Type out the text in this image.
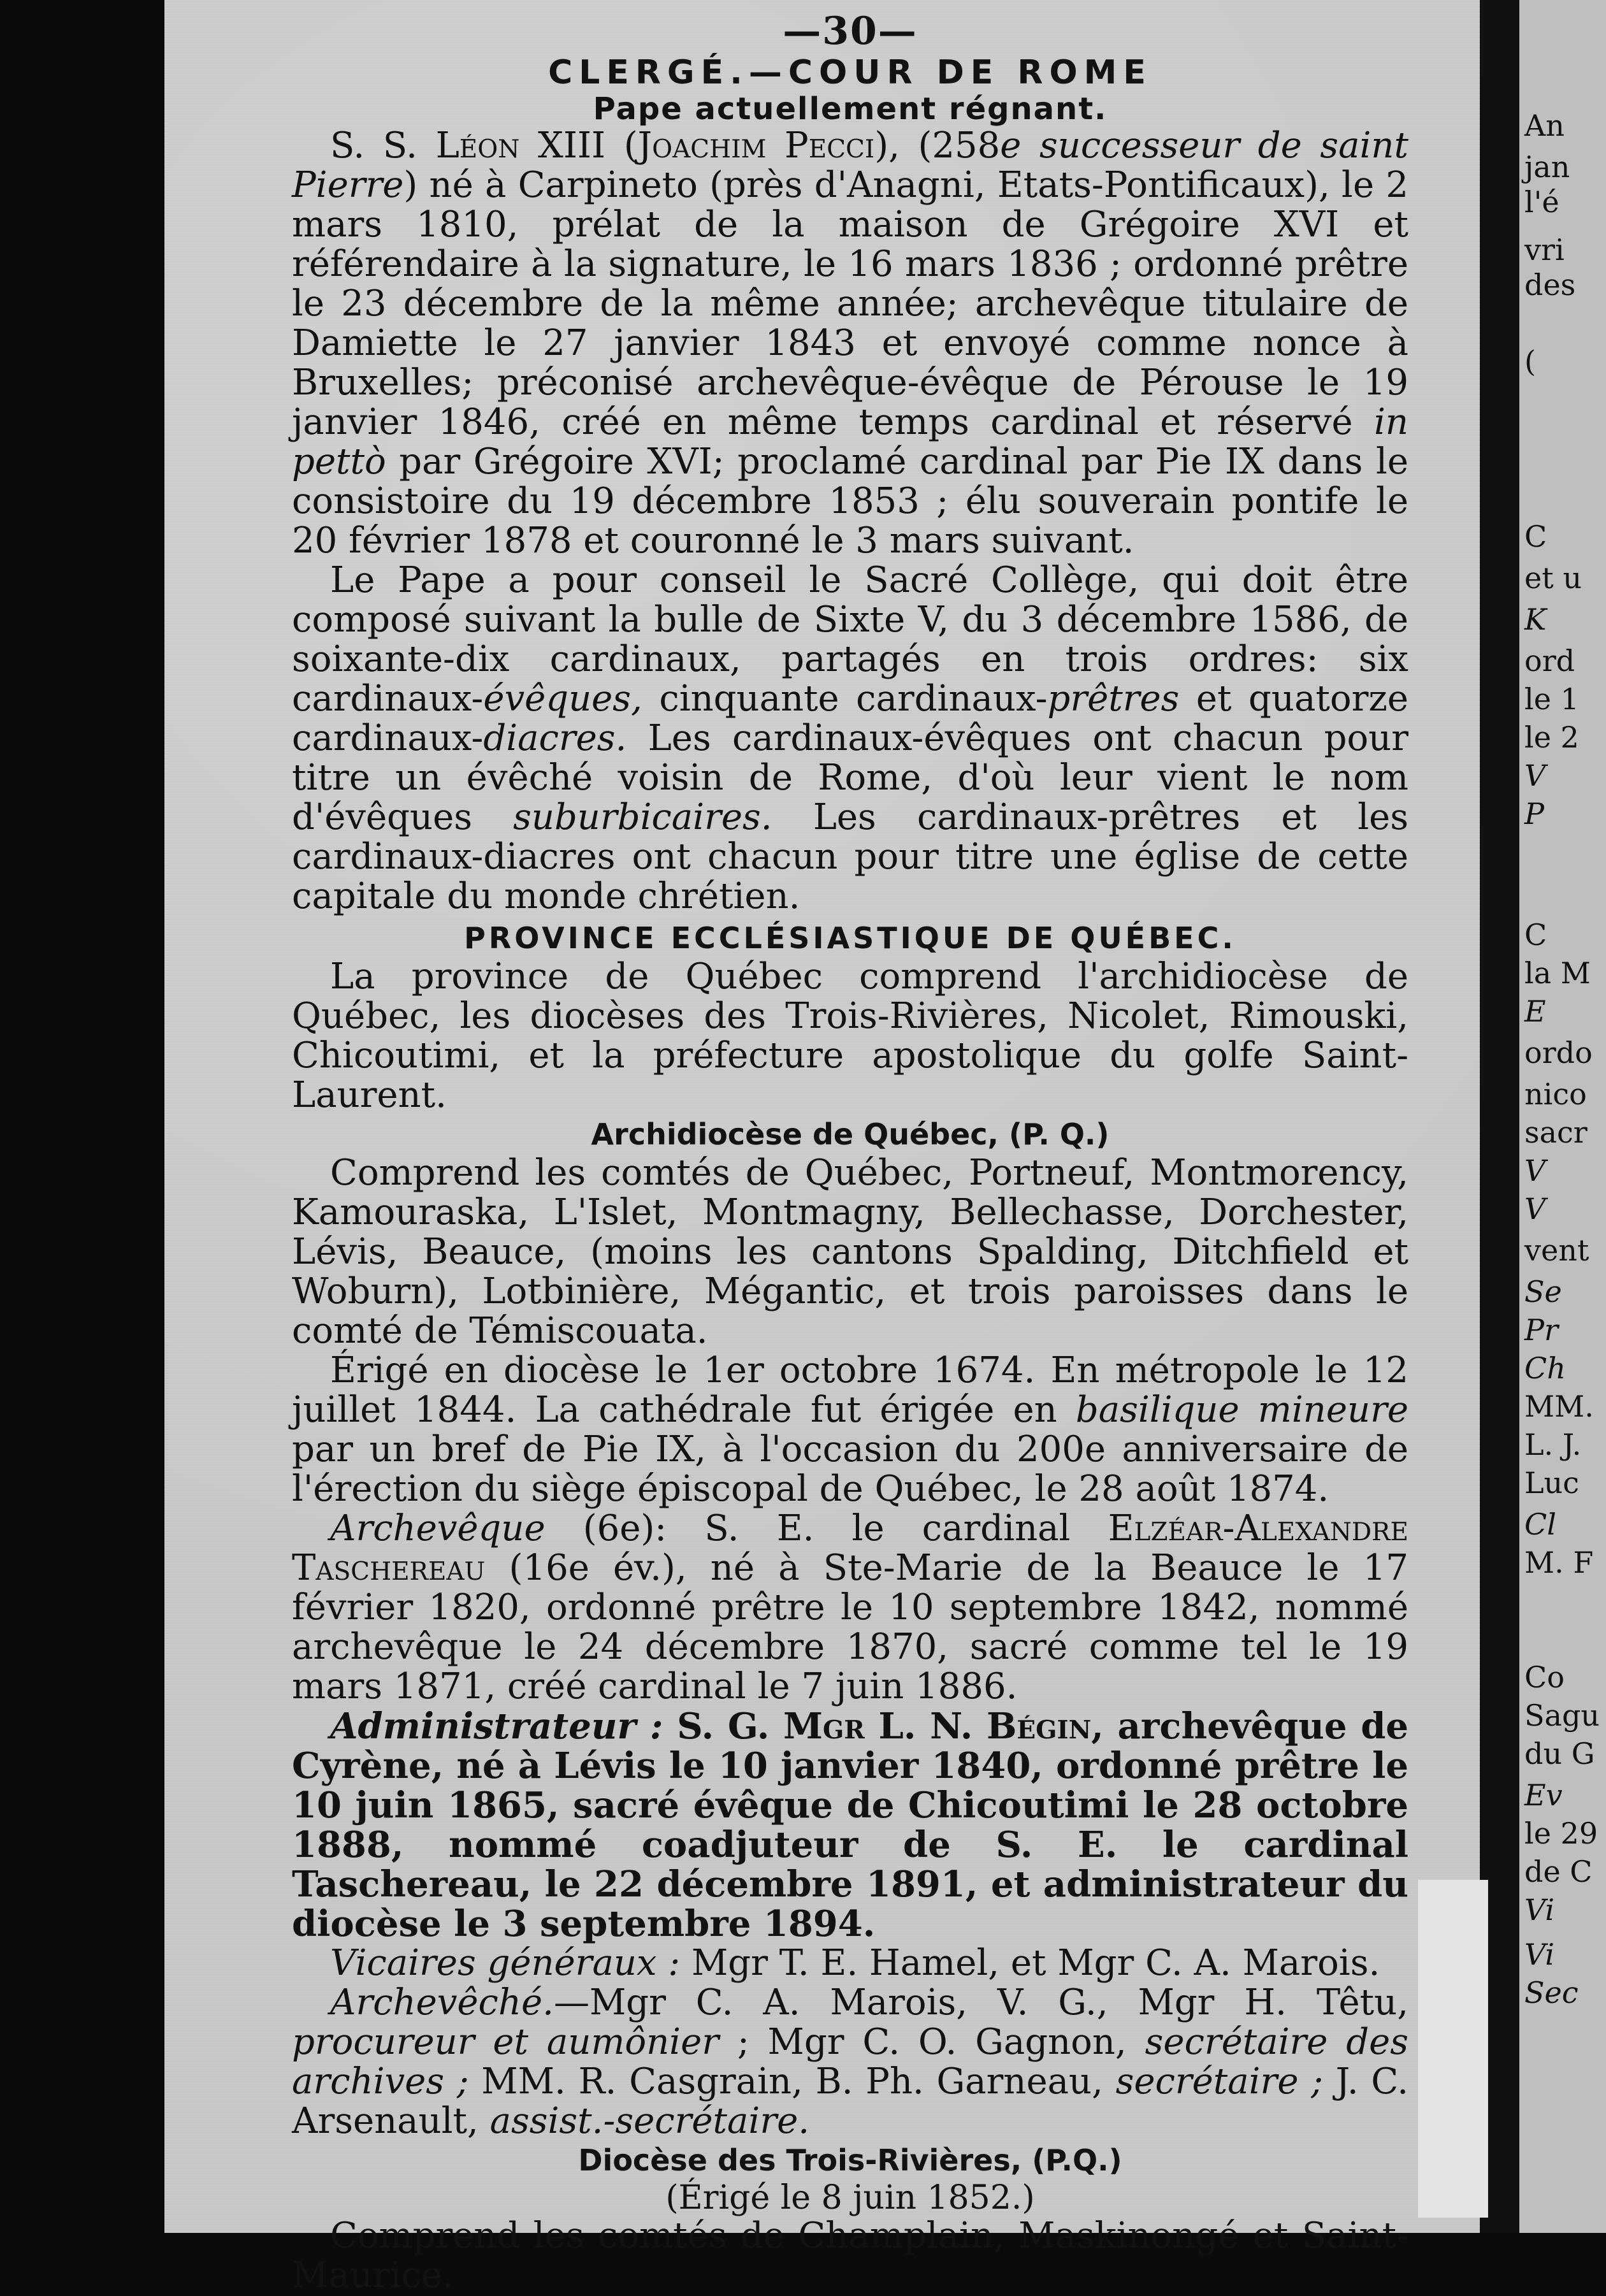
An
jan
l'é
vri
des
(
C
et u
K
ord
le 1
le 2
V
P
C
la M
E
ordo
nico
sacr
V
V
vent
Se
Pr
Ch
MM.
L. J.
Luc
Cl
M. F
Co
Sagu
du G
Ev
le 29
de C
Vi
Vi
Sec
—30—
CLERGÉ.—COUR DE ROME
Pape actuellement régnant.

S. S. Léon XIII (Joachim Pecci), (258e successeur de saint Pierre) né à Carpineto (près d'Anagni, Etats-Pontificaux), le 2 mars 1810, prélat de la maison de Grégoire XVI et référendaire à la signature, le 16 mars 1836 ; ordonné prêtre le 23 décembre de la même année; archevêque titulaire de Damiette le 27 janvier 1843 et envoyé comme nonce à Bruxelles; préconisé archevêque-évêque de Pérouse le 19 janvier 1846, créé en même temps cardinal et réservé in pettò par Grégoire XVI; proclamé cardinal par Pie IX dans le consistoire du 19 décembre 1853 ; élu souverain pontife le 20 février 1878 et couronné le 3 mars suivant.

Le Pape a pour conseil le Sacré Collège, qui doit être composé suivant la bulle de Sixte V, du 3 décembre 1586, de soixante-dix cardinaux, partagés en trois ordres: six cardinaux-évêques, cinquante cardinaux-prêtres et quatorze cardinaux-diacres. Les cardinaux-évêques ont chacun pour titre un évêché voisin de Rome, d'où leur vient le nom d'évêques suburbicaires. Les cardinaux-prêtres et les cardinaux-diacres ont chacun pour titre une église de cette capitale du monde chrétien.

PROVINCE ECCLÉSIASTIQUE DE QUÉBEC.

La province de Québec comprend l'archidiocèse de Québec, les diocèses des Trois-Rivières, Nicolet, Rimouski, Chicoutimi, et la préfecture apostolique du golfe Saint-Laurent.

Archidiocèse de Québec, (P. Q.)

Comprend les comtés de Québec, Portneuf, Montmorency, Kamouraska, L'Islet, Montmagny, Bellechasse, Dorchester, Lévis, Beauce, (moins les cantons Spalding, Ditchfield et Woburn), Lotbinière, Mégantic, et trois paroisses dans le comté de Témiscouata.

Érigé en diocèse le 1er octobre 1674. En métropole le 12 juillet 1844. La cathédrale fut érigée en basilique mineure par un bref de Pie IX, à l'occasion du 200e anniversaire de l'érection du siège épiscopal de Québec, le 28 août 1874.

Archevêque (6e): S. E. le cardinal Elzéar-Alexandre Taschereau (16e év.), né à Ste-Marie de la Beauce le 17 février 1820, ordonné prêtre le 10 septembre 1842, nommé archevêque le 24 décembre 1870, sacré comme tel le 19 mars 1871, créé cardinal le 7 juin 1886.

Administrateur : S. G. Mgr L. N. Bégin, archevêque de Cyrène, né à Lévis le 10 janvier 1840, ordonné prêtre le 10 juin 1865, sacré évêque de Chicoutimi le 28 octobre 1888, nommé coadjuteur de S. E. le cardinal Taschereau, le 22 décembre 1891, et administrateur du diocèse le 3 septembre 1894.

Vicaires généraux : Mgr T. E. Hamel, et Mgr C. A. Marois.

Archevêché.—Mgr C. A. Marois, V. G., Mgr H. Têtu, procureur et aumônier ; Mgr C. O. Gagnon, secrétaire des archives ; MM. R. Casgrain, B. Ph. Garneau, secrétaire ; J. C. Arsenault, assist.-secrétaire.

Diocèse des Trois-Rivières, (P.Q.)
(Érigé le 8 juin 1852.)

Comprend les comtés de Champlain, Maskinongé et Saint-Maurice.
